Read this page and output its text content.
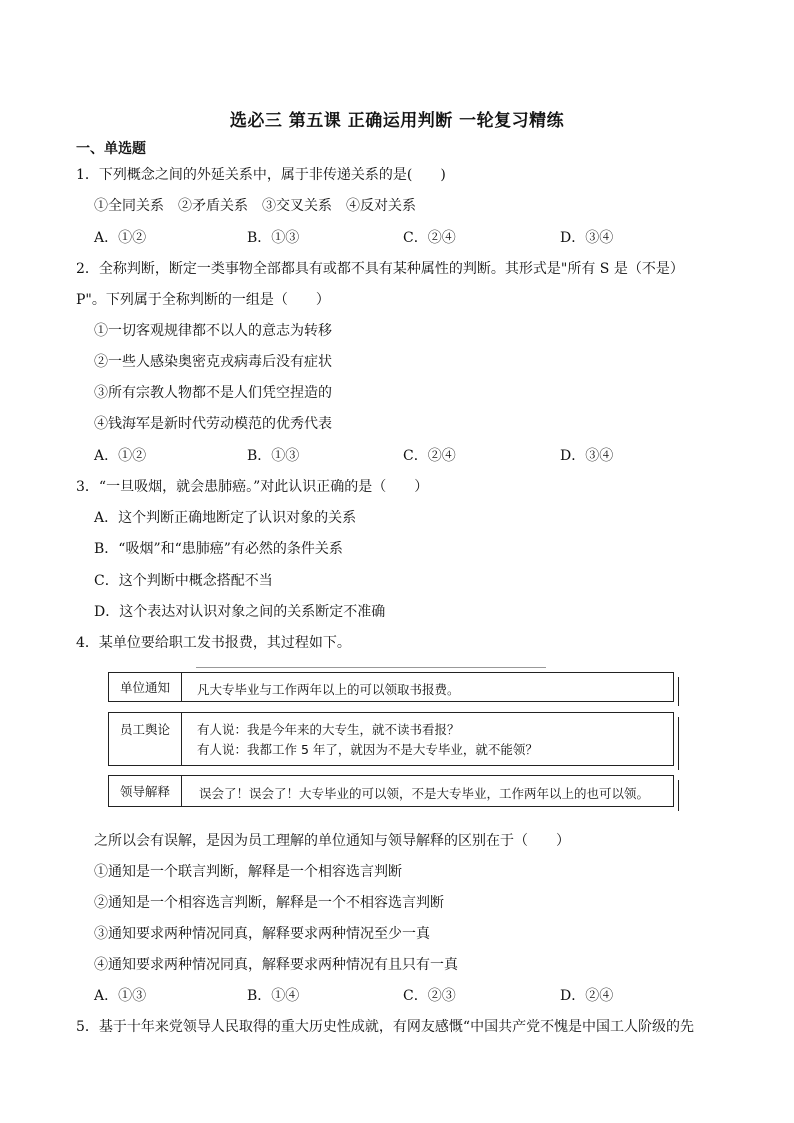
选必三 第五课 正确运用判断 一轮复习精练
一、单选题
1．下列概念之间的外延关系中，属于非传递关系的是(　　)
①全同关系　②矛盾关系　③交叉关系　④反对关系
A．①②	B．①③	C．②④	D．③④
2．全称判断，断定一类事物全部都具有或都不具有某种属性的判断。其形式是"所有 S 是（不是）
P"。下列属于全称判断的一组是（　　）
①一切客观规律都不以人的意志为转移
②一些人感染奥密克戎病毒后没有症状
③所有宗教人物都不是人们凭空捏造的
④钱海军是新时代劳动模范的优秀代表
A．①②	B．①③	C．②④	D．③④
3．“一旦吸烟，就会患肺癌。”对此认识正确的是（　　）
A．这个判断正确地断定了认识对象的关系
B．“吸烟”和“患肺癌”有必然的条件关系
C．这个判断中概念搭配不当
D．这个表达对认识对象之间的关系断定不准确
4．某单位要给职工发书报费，其过程如下。
单位通知	凡大专毕业与工作两年以上的可以领取书报费。
员工舆论	有人说：我是今年来的大专生，就不读书看报？
有人说：我都工作 5 年了，就因为不是大专毕业，就不能领？
领导解释	误会了！误会了！大专毕业的可以领，不是大专毕业，工作两年以上的也可以领。
之所以会有误解，是因为员工理解的单位通知与领导解释的区别在于（　　）
①通知是一个联言判断，解释是一个相容选言判断
②通知是一个相容选言判断，解释是一个不相容选言判断
③通知要求两种情况同真，解释要求两种情况至少一真
④通知要求两种情况同真，解释要求两种情况有且只有一真
A．①③	B．①④	C．②③	D．②④
5．基于十年来党领导人民取得的重大历史性成就，有网友感慨“中国共产党不愧是中国工人阶级的先
